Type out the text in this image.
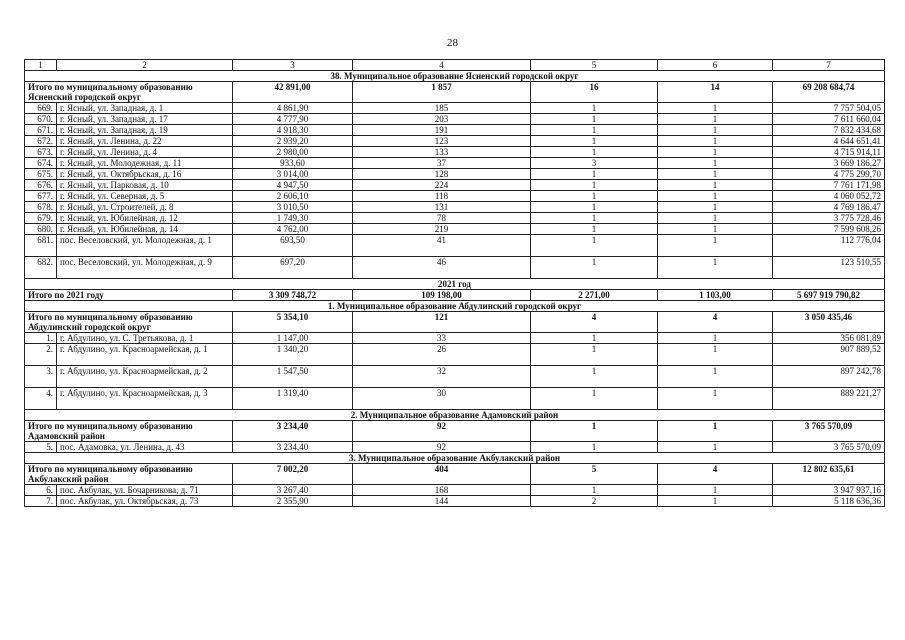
28
1	2	3	4	5	6	7
38. Муниципальное образование Ясненский городской округ						
Итого по муниципальному образованию Ясненский городской округ		42 891,00	1 857	16	14	69 208 684,74
669.	г. Ясный, ул. Западная, д. 1	4 861,90	185	1	1	7 757 504,05
670.	г. Ясный, ул. Западная, д. 17	4 777,90	203	1	1	7 611 660,04
671.	г. Ясный, ул. Западная, д. 19	4 918,30	191	1	1	7 832 434,68
672.	г. Ясный, ул. Ленина, д. 22	2 939,20	123	1	1	4 644 651,41
673.	г. Ясный, ул. Ленина, д. 4	2 980,00	133	1	1	4 715 914,11
674.	г. Ясный, ул. Молодежная, д. 11	933,60	37	3	1	3 669 186,27
675.	г. Ясный, ул. Октябрьская, д. 16	3 014,00	128	1	1	4 775 299,70
676.	г. Ясный, ул. Парковая, д. 10	4 947,50	224	1	1	7 761 171,98
677.	г. Ясный, ул. Северная, д. 5	2 606,10	118	1	1	4 060 052,72
678.	г. Ясный, ул. Строителей, д. 8	3 010,50	131	1	1	4 769 186,47
679.	г. Ясный, ул. Юбилейная, д. 12	1 749,30	78	1	1	3 775 728,46
680.	г. Ясный, ул. Юбилейная, д. 14	4 762,00	219	1	1	7 599 608,26
681.	пос. Веселовский, ул. Молодежная, д. 1	693,50	41	1	1	112 776,04
682.	пос. Веселовский, ул. Молодежная, д. 9	697,20	46	1	1	123 510,55
2021 год						
Итого по 2021 году		3 309 748,72	109 198,00	2 271,00	1 103,00	5 697 919 790,82
1. Муниципальное образование Абдулинский городской округ						
Итого по муниципальному образованию Абдулинский городской округ		5 354,10	121	4	4	3 050 435,46
1.	г. Абдулино, ул. С. Третьякова, д. 1	1 147,00	33	1	1	356 081,89
2.	г. Абдулино, ул. Красноармейская, д. 1	1 340,20	26	1	1	907 889,52
3.	г. Абдулино, ул. Красноармейская, д. 2	1 547,50	32	1	1	897 242,78
4.	г. Абдулино, ул. Красноармейская, д. 3	1 319,40	30	1	1	889 221,27
2. Муниципальное образование Адамовский район						
Итого по муниципальному образованию Адамовский район		3 234,40	92	1	1	3 765 570,09
5.	пос. Адамовка, ул. Ленина, д. 43	3 234,40	92	1	1	3 765 570,09
3. Муниципальное образование Акбулакский район						
Итого по муниципальному образованию Акбулакский район		7 002,20	404	5	4	12 802 635,61
6.	пос. Акбулак, ул. Бочарникова, д. 71	3 267,40	168	1	1	3 947 937,16
7.	пос. Акбулак, ул. Октябрьская, д. 73	2 355,90	144	2	1	5 118 636,36
